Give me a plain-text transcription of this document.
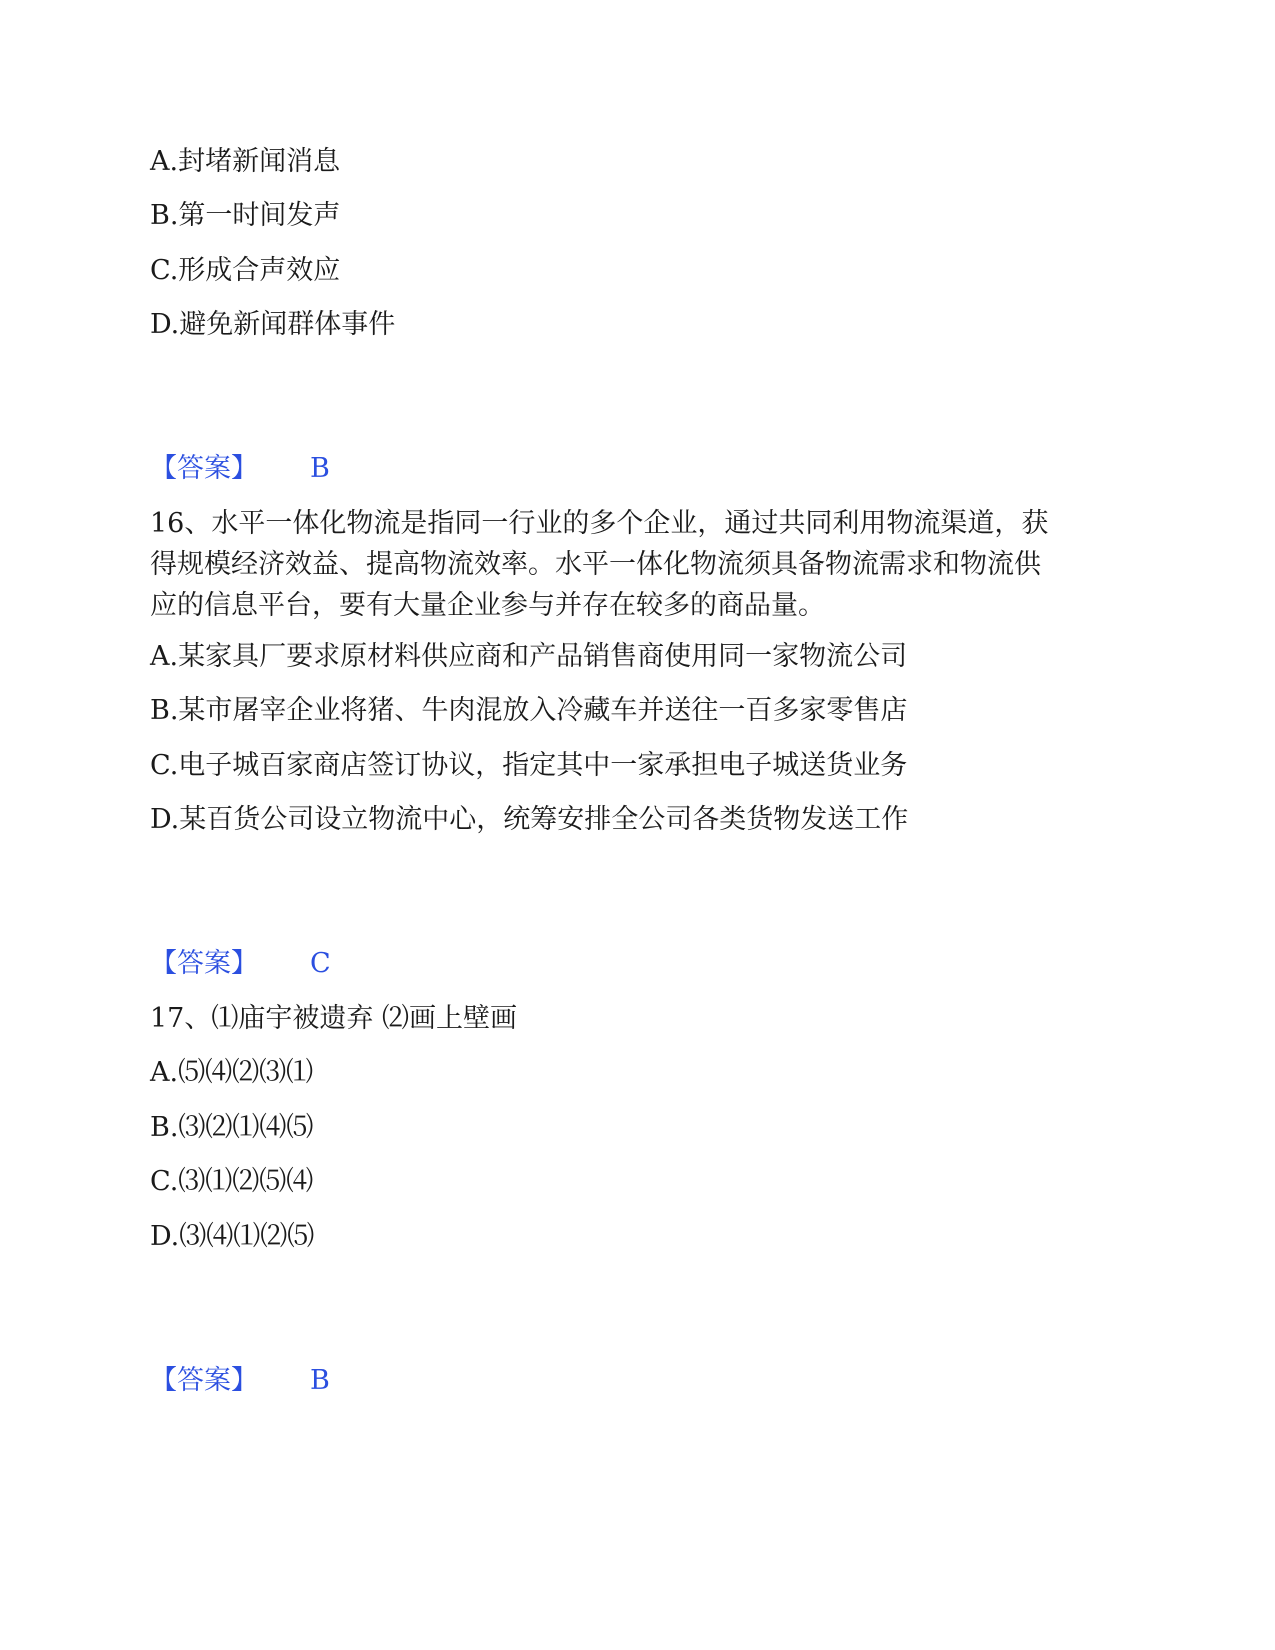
A.封堵新闻消息
B.第一时间发声
C.形成合声效应
D.避免新闻群体事件
【答案】 B
16、水平一体化物流是指同一行业的多个企业，通过共同利用物流渠道，获
得规模经济效益、提高物流效率。水平一体化物流须具备物流需求和物流供
应的信息平台，要有大量企业参与并存在较多的商品量。
A.某家具厂要求原材料供应商和产品销售商使用同一家物流公司
B.某市屠宰企业将猪、牛肉混放入冷藏车并送往一百多家零售店
C.电子城百家商店签订协议，指定其中一家承担电子城送货业务
D.某百货公司设立物流中心，统筹安排全公司各类货物发送工作
【答案】 C
17、⑴庙宇被遗弃 ⑵画上壁画
A.⑸⑷⑵⑶⑴
B.⑶⑵⑴⑷⑸
C.⑶⑴⑵⑸⑷
D.⑶⑷⑴⑵⑸
【答案】 B
